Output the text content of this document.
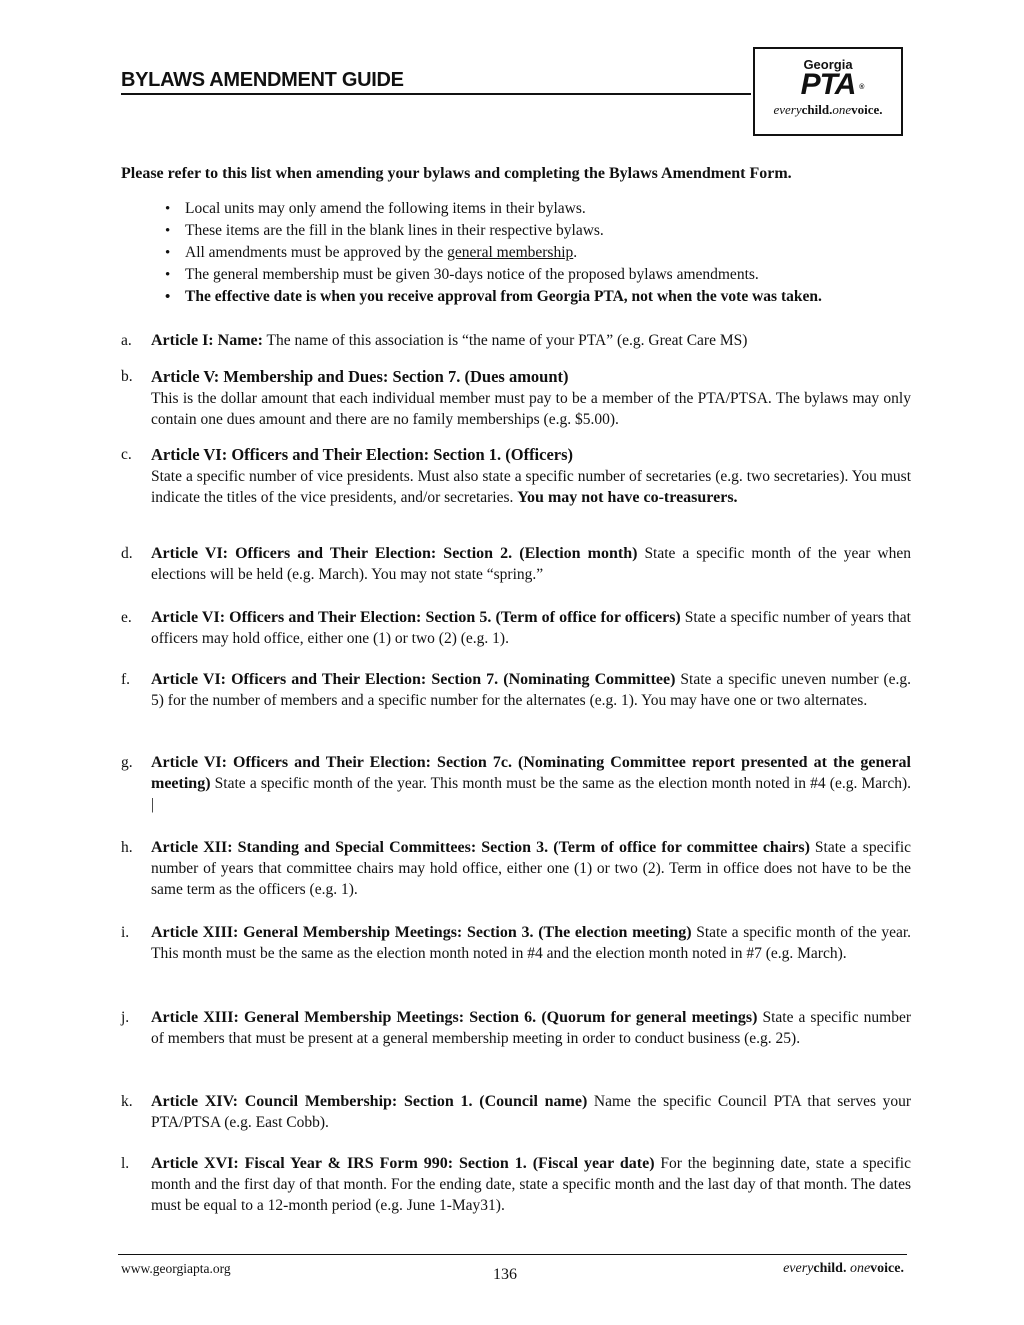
BYLAWS AMENDMENT GUIDE
Georgia
PTA ®
everychild.onevoice.
Please refer to this list when amending your bylaws and completing the Bylaws Amendment Form.
• Local units may only amend the following items in their bylaws.
• These items are the fill in the blank lines in their respective bylaws.
• All amendments must be approved by the general membership.
• The general membership must be given 30-days notice of the proposed bylaws amendments.
• The effective date is when you receive approval from Georgia PTA, not when the vote was taken.
a. Article I: Name: The name of this association is “the name of your PTA” (e.g. Great Care MS)
b. Article V: Membership and Dues: Section 7. (Dues amount)
This is the dollar amount that each individual member must pay to be a member of the PTA/PTSA. The bylaws may only contain one dues amount and there are no family memberships (e.g. $5.00).
c. Article VI: Officers and Their Election: Section 1. (Officers)
State a specific number of vice presidents. Must also state a specific number of secretaries (e.g. two secretaries). You must indicate the titles of the vice presidents, and/or secretaries. You may not have co-treasurers.
d. Article VI: Officers and Their Election: Section 2. (Election month) State a specific month of the year when elections will be held (e.g. March). You may not state “spring.”
e. Article VI: Officers and Their Election: Section 5. (Term of office for officers) State a specific number of years that officers may hold office, either one (1) or two (2) (e.g. 1).
f. Article VI: Officers and Their Election: Section 7. (Nominating Committee) State a specific uneven number (e.g. 5) for the number of members and a specific number for the alternates (e.g. 1). You may have one or two alternates.
g. Article VI: Officers and Their Election: Section 7c. (Nominating Committee report presented at the general meeting) State a specific month of the year. This month must be the same as the election month noted in #4 (e.g. March). |
h. Article XII: Standing and Special Committees: Section 3. (Term of office for committee chairs) State a specific number of years that committee chairs may hold office, either one (1) or two (2). Term in office does not have to be the same term as the officers (e.g. 1).
i. Article XIII: General Membership Meetings: Section 3. (The election meeting) State a specific month of the year. This month must be the same as the election month noted in #4 and the election month noted in #7 (e.g. March).
j. Article XIII: General Membership Meetings: Section 6. (Quorum for general meetings) State a specific number of members that must be present at a general membership meeting in order to conduct business (e.g. 25).
k. Article XIV: Council Membership: Section 1. (Council name) Name the specific Council PTA that serves your PTA/PTSA (e.g. East Cobb).
l. Article XVI: Fiscal Year & IRS Form 990: Section 1. (Fiscal year date) For the beginning date, state a specific month and the first day of that month. For the ending date, state a specific month and the last day of that month. The dates must be equal to a 12-month period (e.g. June 1-May31).
www.georgiapta.org	136	everychild. onevoice.
